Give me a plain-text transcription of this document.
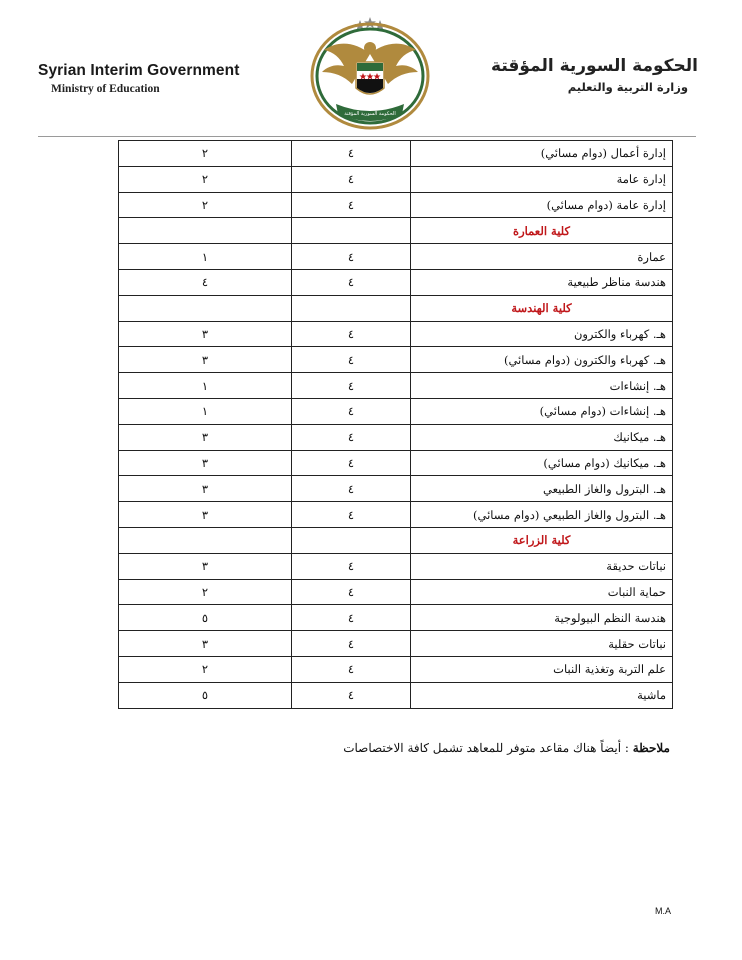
Syrian Interim Government
Ministry of Education
الحكومة السورية المؤقتة
الحكومة السورية المؤقتة
وزارة التربية والتعليم
إدارة أعمال (دوام مسائي)	٤	٢
إدارة عامة	٤	٢
إدارة عامة (دوام مسائي)	٤	٢
كلية العمارة		
عمارة	٤	١
هندسة مناظر طبيعية	٤	٤
كلية الهندسة		
هـ. كهرباء والكترون	٤	٣
هـ. كهرباء والكترون (دوام مسائي)	٤	٣
هـ. إنشاءات	٤	١
هـ. إنشاءات (دوام مسائي)	٤	١
هـ. ميكانيك	٤	٣
هـ. ميكانيك (دوام مسائي)	٤	٣
هـ. البترول والغاز الطبيعي	٤	٣
هـ. البترول والغاز الطبيعي (دوام مسائي)	٤	٣
كلية الزراعة		
نباتات حديقة	٤	٣
حماية النبات	٤	٢
هندسة النظم البيولوجية	٤	٥
نباتات حقلية	٤	٣
علم التربة وتغذية النبات	٤	٢
ماشية	٤	٥
ملاحظة : أيضاً هناك مقاعد متوفر للمعاهد تشمل كافة الاختصاصات
M.A
